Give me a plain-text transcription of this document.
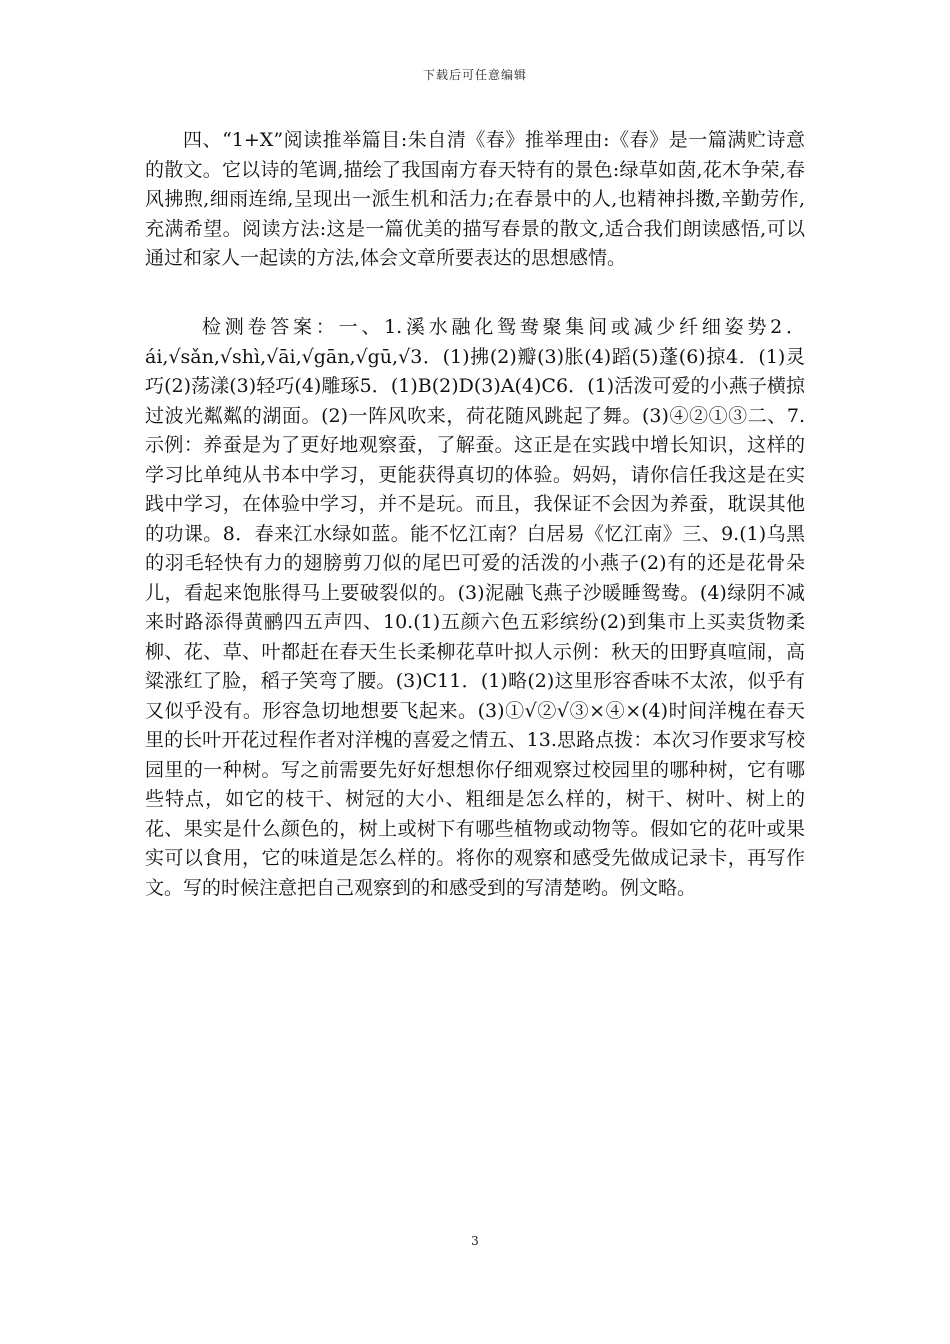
下载后可任意编辑

四、“1+X”阅读推举篇目:朱自清《春》推举理由:《春》是一篇满贮诗意的散文。它以诗的笔调,描绘了我国南方春天特有的景色:绿草如茵,花木争荣,春风拂煦,细雨连绵,呈现出一派生机和活力;在春景中的人,也精神抖擞,辛勤劳作,充满希望。阅读方法:这是一篇优美的描写春景的散文,适合我们朗读感悟,可以通过和家人一起读的方法,体会文章所要表达的思想感情。

检测卷答案：一、1.溪水融化鸳鸯聚集间或减少纤细姿势2．ái,√sǎn,√shì,√āi,√gān,√gū,√3．(1)拂(2)瓣(3)胀(4)蹈(5)蓬(6)掠4．(1)灵巧(2)荡漾(3)轻巧(4)雕琢5．(1)B(2)D(3)A(4)C6．(1)活泼可爱的小燕子横掠过波光粼粼的湖面。(2)一阵风吹来，荷花随风跳起了舞。(3)④②①③二、7.示例：养蚕是为了更好地观察蚕，了解蚕。这正是在实践中增长知识，这样的学习比单纯从书本中学习，更能获得真切的体验。妈妈，请你信任我这是在实践中学习，在体验中学习，并不是玩。而且，我保证不会因为养蚕，耽误其他的功课。8．春来江水绿如蓝。能不忆江南？白居易《忆江南》三、9.(1)乌黑的羽毛轻快有力的翅膀剪刀似的尾巴可爱的活泼的小燕子(2)有的还是花骨朵儿，看起来饱胀得马上要破裂似的。(3)泥融飞燕子沙暖睡鸳鸯。(4)绿阴不减来时路添得黄鹂四五声四、10.(1)五颜六色五彩缤纷(2)到集市上买卖货物柔柳、花、草、叶都赶在春天生长柔柳花草叶拟人示例：秋天的田野真喧闹，高粱涨红了脸，稻子笑弯了腰。(3)C11．(1)略(2)这里形容香味不太浓，似乎有又似乎没有。形容急切地想要飞起来。(3)①√②√③×④×(4)时间洋槐在春天里的长叶开花过程作者对洋槐的喜爱之情五、13.思路点拨：本次习作要求写校园里的一种树。写之前需要先好好想想你仔细观察过校园里的哪种树，它有哪些特点，如它的枝干、树冠的大小、粗细是怎么样的，树干、树叶、树上的花、果实是什么颜色的，树上或树下有哪些植物或动物等。假如它的花叶或果实可以食用，它的味道是怎么样的。将你的观察和感受先做成记录卡，再写作文。写的时候注意把自己观察到的和感受到的写清楚哟。例文略。

3
